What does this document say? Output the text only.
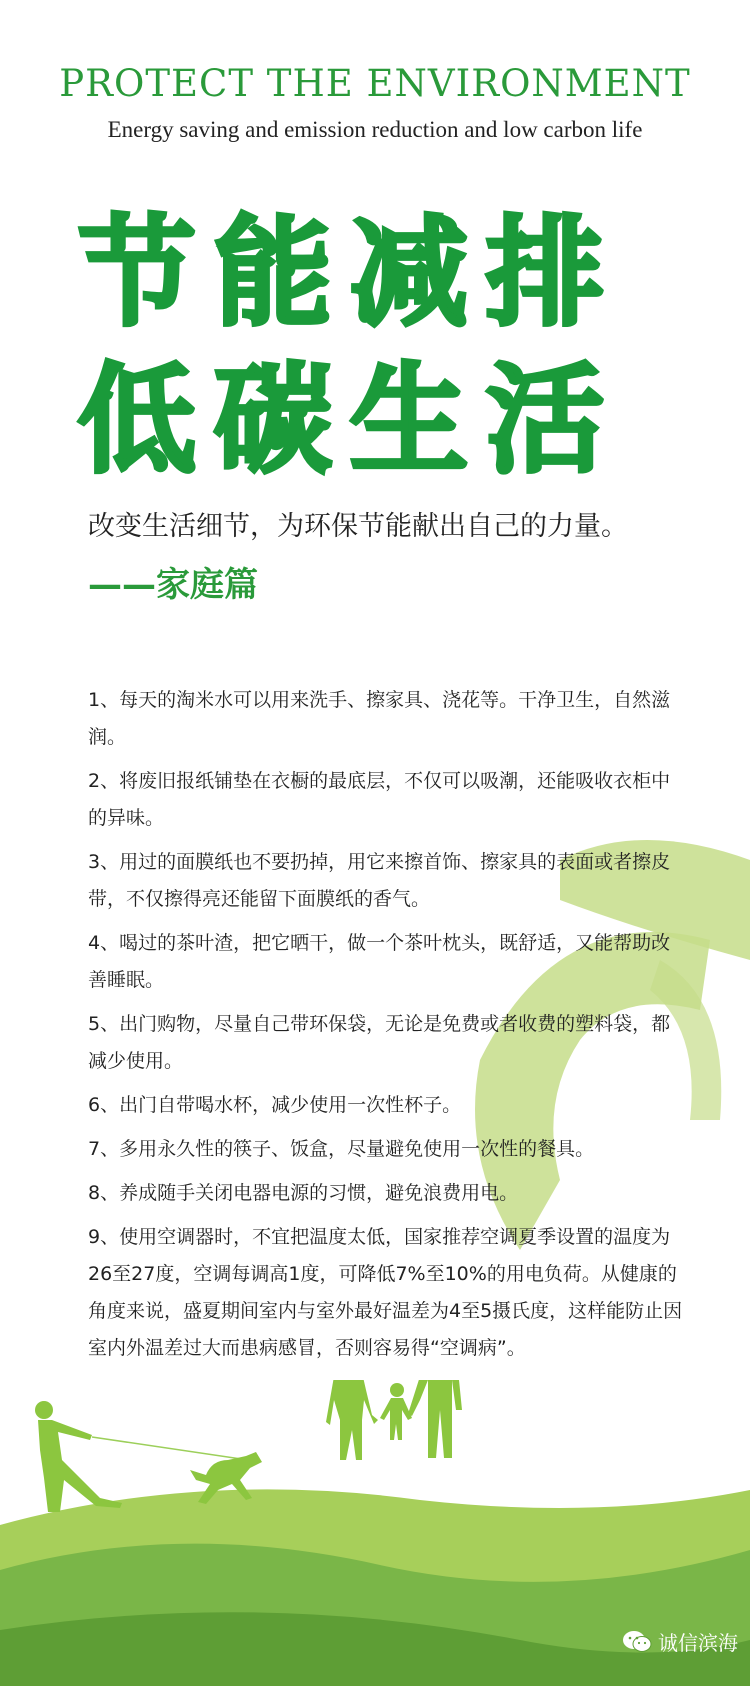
PROTECT THE ENVIRONMENT
Energy saving and emission reduction and low carbon life
节能减排
低碳生活
改变生活细节，为环保节能献出自己的力量。
——家庭篇
1、每天的淘米水可以用来洗手、擦家具、浇花等。干净卫生，自然滋润。
2、将废旧报纸铺垫在衣橱的最底层，不仅可以吸潮，还能吸收衣柜中的异味。
3、用过的面膜纸也不要扔掉，用它来擦首饰、擦家具的表面或者擦皮带，不仅擦得亮还能留下面膜纸的香气。
4、喝过的茶叶渣，把它晒干，做一个茶叶枕头，既舒适，又能帮助改善睡眠。
5、出门购物，尽量自己带环保袋，无论是免费或者收费的塑料袋，都减少使用。
6、出门自带喝水杯，减少使用一次性杯子。
7、多用永久性的筷子、饭盒，尽量避免使用一次性的餐具。
8、养成随手关闭电器电源的习惯，避免浪费用电。
9、使用空调器时，不宜把温度太低，国家推荐空调夏季设置的温度为26至27度，空调每调高1度，可降低7%至10%的用电负荷。从健康的角度来说，盛夏期间室内与室外最好温差为4至5摄氏度，这样能防止因室内外温差过大而患病感冒，否则容易得“空调病”。
诚信滨海
